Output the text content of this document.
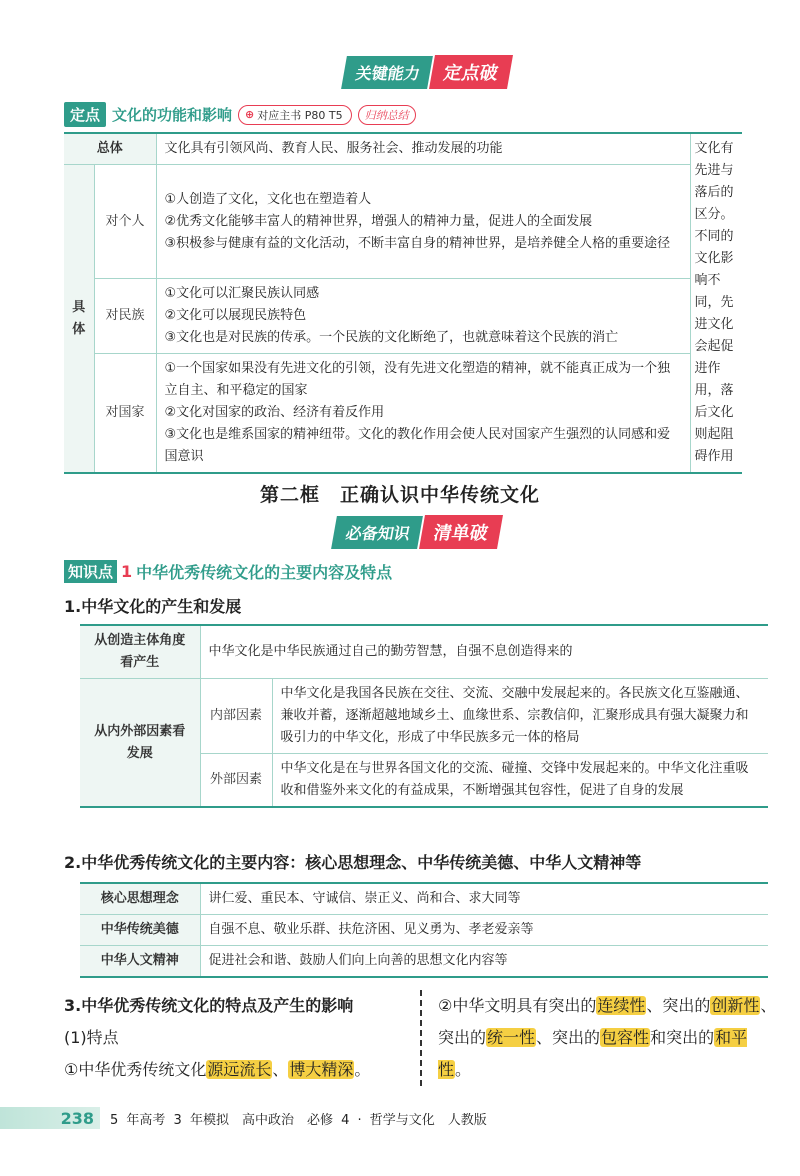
关键能力	定点破
定点 文化的功能和影响 ⊕ 对应主书 P80 T5	归纳总结
总体		文化具有引领风尚、教育人民、服务社会、推动发展的功能	文化有先进与落后的区分。不同的文化影响不同，先进文化会起促进作用，落后文化则起阻碍作用
具体	对个人	①人创造了文化，文化也在塑造着人
②优秀文化能够丰富人的精神世界，增强人的精神力量，促进人的全面发展
③积极参与健康有益的文化活动，不断丰富自身的精神世界，是培养健全人格的重要途径	

	对民族	①文化可以汇聚民族认同感
②文化可以展现民族特色
③文化也是对民族的传承。一个民族的文化断绝了，也就意味着这个民族的消亡	

	对国家	①一个国家如果没有先进文化的引领，没有先进文化塑造的精神，就不能真正成为一个独立自主、和平稳定的国家
②文化对国家的政治、经济有着反作用
③文化也是维系国家的精神纽带。文化的教化作用会使人民对国家产生强烈的认同感和爱国意识	
第二框　正确认识中华传统文化
必备知识	清单破
知识点 1 中华优秀传统文化的主要内容及特点
1.中华文化的产生和发展
从创造主体角度看产生	中华文化是中华民族通过自己的勤劳智慧，自强不息创造得来的	
从内外部因素看发展	内部因素	中华文化是我国各民族在交往、交流、交融中发展起来的。各民族文化互鉴融通、兼收并蓄，逐渐超越地域乡土、血缘世系、宗教信仰，汇聚形成具有强大凝聚力和吸引力的中华文化，形成了中华民族多元一体的格局
	外部因素	中华文化是在与世界各国文化的交流、碰撞、交锋中发展起来的。中华文化注重吸收和借鉴外来文化的有益成果，不断增强其包容性，促进了自身的发展
2.中华优秀传统文化的主要内容：核心思想理念、中华传统美德、中华人文精神等
核心思想理念	讲仁爱、重民本、守诚信、崇正义、尚和合、求大同等
中华传统美德	自强不息、敬业乐群、扶危济困、见义勇为、孝老爱亲等
中华人文精神	促进社会和谐、鼓励人们向上向善的思想文化内容等
3.中华优秀传统文化的特点及产生的影响
(1)特点
①中华优秀传统文化源远流长、博大精深。
②中华文明具有突出的连续性、突出的创新性、突出的统一性、突出的包容性和突出的和平性。
238 5 年高考 3 年模拟　高中政治　必修 4 · 哲学与文化　人教版
